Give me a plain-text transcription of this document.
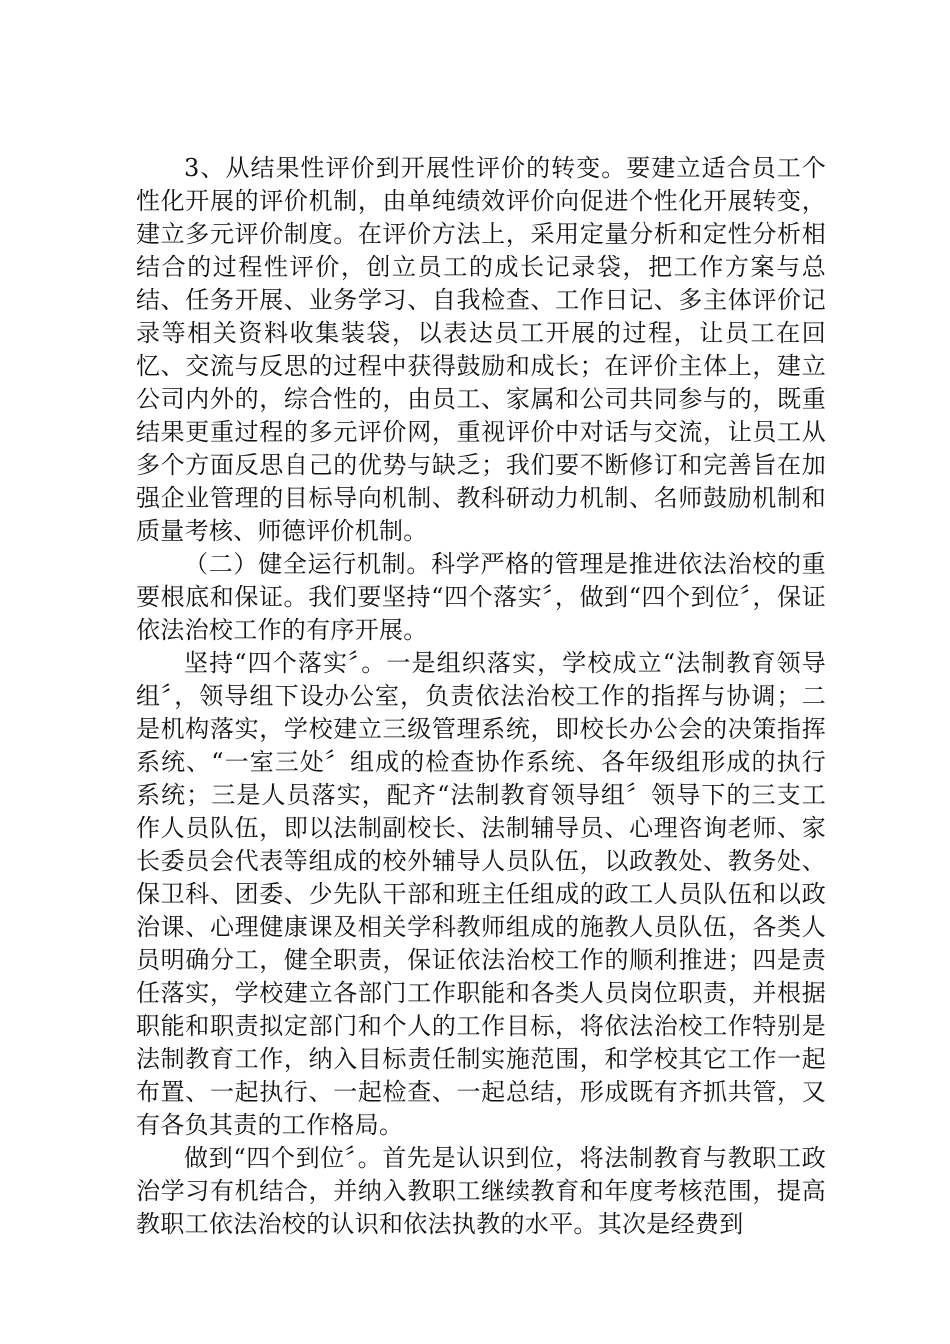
3、从结果性评价到开展性评价的转变。要建立适合员工个性化开展的评价机制，由单纯绩效评价向促进个性化开展转变，建立多元评价制度。在评价方法上，采用定量分析和定性分析相结合的过程性评价，创立员工的成长记录袋，把工作方案与总结、任务开展、业务学习、自我检查、工作日记、多主体评价记录等相关资料收集装袋，以表达员工开展的过程，让员工在回忆、交流与反思的过程中获得鼓励和成长；在评价主体上，建立公司内外的，综合性的，由员工、家属和公司共同参与的，既重结果更重过程的多元评价网，重视评价中对话与交流，让员工从多个方面反思自己的优势与缺乏；我们要不断修订和完善旨在加强企业管理的目标导向机制、教科研动力机制、名师鼓励机制和质量考核、师德评价机制。

（二）健全运行机制。科学严格的管理是推进依法治校的重要根底和保证。我们要坚持“四个落实〞，做到“四个到位〞，保证依法治校工作的有序开展。

坚持“四个落实〞。一是组织落实，学校成立“法制教育领导组〞，领导组下设办公室，负责依法治校工作的指挥与协调；二是机构落实，学校建立三级管理系统，即校长办公会的决策指挥系统、“一室三处〞组成的检查协作系统、各年级组形成的执行系统；三是人员落实，配齐“法制教育领导组〞领导下的三支工作人员队伍，即以法制副校长、法制辅导员、心理咨询老师、家长委员会代表等组成的校外辅导人员队伍，以政教处、教务处、保卫科、团委、少先队干部和班主任组成的政工人员队伍和以政治课、心理健康课及相关学科教师组成的施教人员队伍，各类人员明确分工，健全职责，保证依法治校工作的顺利推进；四是责任落实，学校建立各部门工作职能和各类人员岗位职责，并根据职能和职责拟定部门和个人的工作目标，将依法治校工作特别是法制教育工作，纳入目标责任制实施范围，和学校其它工作一起布置、一起执行、一起检查、一起总结，形成既有齐抓共管，又有各负其责的工作格局。

做到“四个到位〞。首先是认识到位，将法制教育与教职工政治学习有机结合，并纳入教职工继续教育和年度考核范围，提高教职工依法治校的认识和依法执教的水平。其次是经费到
